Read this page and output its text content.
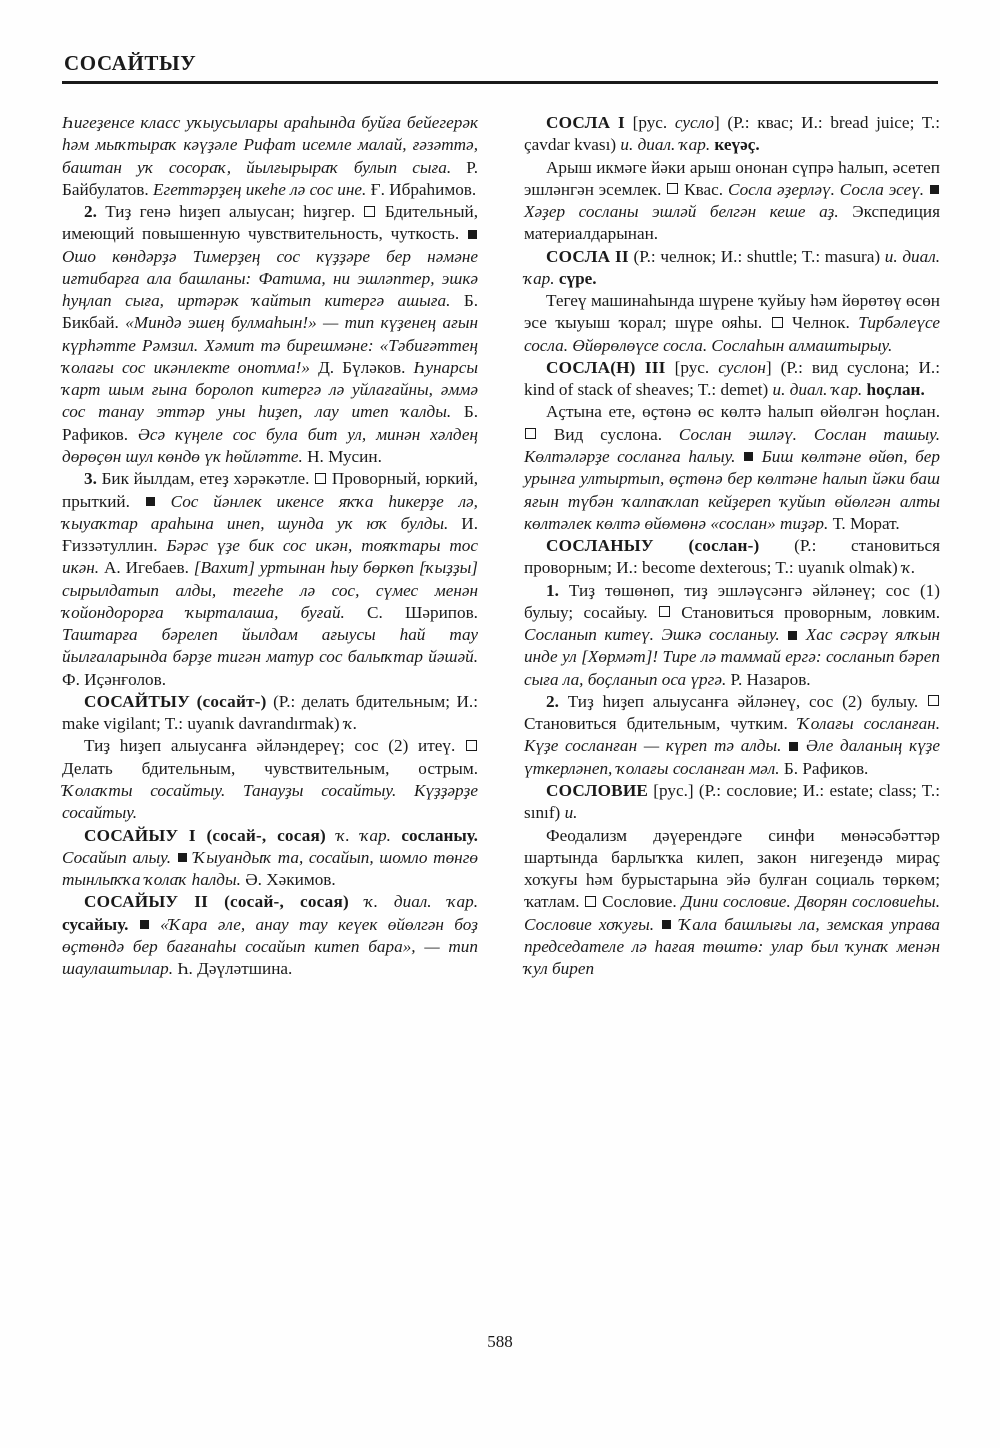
СОСАЙТЫУ
Һигеҙенсе класс уҡыусылары араһында буйға бейегерәк һәм мыҡтыраҡ кәүҙәле Рифат исемле малай, ғәзәттә, баштан уҡ сосораҡ, йылғырыраҡ булып сыға. Р. Байбулатов. Егеттәрҙең икеһе лә сос ине. Ғ. Ибраһимов.
2. Тиҙ генә һиҙеп алыусан; һиҙгер.  Бдительный, имеющий повышенную чувствительность, чуткость.  Ошо көндәрҙә Тимерҙең сос күҙҙәре бер нәмәне иғтибарға ала башланы: Фатима, ни эшләптер, эшкә һуңлап сыға, иртәрәк ҡайтып китергә ашыға. Б. Бикбай. «Миндә эшең булмаһын!» — тип күҙенең ағын күрһәтте Рәмзил. Хәмит тә бирешмәне: «Тәбиғәттең ҡолағы сос икәнлекте онотма!» Д. Бүләков. Һунарсы ҡарт шым ғына боролоп китергә лә уйлағайны, әммә сос танау эттәр уны һиҙеп, лау итеп ҡалды. Б. Рафиков. Әсә күңеле сос була бит ул, минән хәлдең дөрөҫөн шул көндө үк һөйләтте. Н. Мусин.
3. Бик йылдам, етеҙ хәрәкәтле.  Проворный, юркий, прыткий.  Сос йәнлек икенсе яҡҡа һикерҙе лә, ҡыуаҡтар араһына инеп, шунда уҡ юҡ булды. И. Ғиззәтуллин. Бәрәс үҙе бик сос икән, тояҡтары тос икән. А. Игебаев. [Вахит] уртынан һыу бөркөп [ҡыҙҙы] сырылдатып алды, тегеһе лә сос, сүмес менән ҡойондорорға ҡырталаша, буғай. С. Шәрипов. Таштарға бәрелеп йылдам ағыусы һай тау йылғаларында бәрҙе тигән матур сос балыҡтар йәшәй. Ф. Иҫәнғолов.
СОСАЙТЫУ (сосайт-) (Р.: делать бдительным; И.: make vigilant; T.: uyanık davrandırmak) ҡ.
Тиҙ һиҙеп алыусанға әйләндереү; сос (2) итеү.  Делать бдительным, чувствительным, острым. Ҡолаҡты сосайтыу. Танауҙы сосайтыу. Күҙҙәрҙе сосайтыу.
СОСАЙЫУ I (сосай-, сосая) ҡ. ҡар. сосланыу. Сосайып алыу.  Ҡыуандыҡ та, сосайып, шомло төнгө тынлыҡҡа ҡолаҡ һалды. Ә. Хәкимов.
СОСАЙЫУ II (сосай-, сосая) ҡ. диал. ҡар. сусайыу.  «Ҡара әле, анау тау кеүек өйөлгән боҙ өҫтөндә бер бағанаһы сосайып китеп бара», — тип шаулаштылар. Һ. Дәүләтшина.
СОСЛА I [рус. сусло] (Р.: квас; И.: bread juice; T.: çavdar kvası) и. диал. ҡар. кеүәҫ.
Арыш икмәге йәки арыш ононан сүпрә һалып, әсетеп эшләнгән эсемлек.  Квас. Сосла әҙерләү. Сосла эсеү.  Хәҙер сосланы эшләй белгән кеше аҙ. Экспедиция материалдарынан.
СОСЛА II (Р.: челнок; И.: shuttle; T.: masura) и. диал. ҡар. сүре.
Тегеү машинаһында шүрене ҡуйыу һәм йөрөтөү өсөн эсе ҡыуыш ҡорал; шүре ояһы.  Челнок. Тирбәлеүсе сосла. Өйөрөлөүсе сосла. Сослаһын алмаштырыу.
СОСЛА(Н) III [рус. суслон] (Р.: вид суслона; И.: kind of stack of sheaves; T.: demet) и. диал. ҡар. һоҫлан.
Аҫтына ете, өҫтөнә өс көлтә һалып өйөлгән һоҫлан.  Вид суслона. Сослан эшләү. Сослан ташыу. Көлтәләрҙе сосланға һалыу.  Биш көлтәне өйөп, бер урынға ултыртып, өҫтөнә бер көлтәне һалып йәки баш яғын түбән ҡалпаҡлап кейҙереп ҡуйып өйөлгән алты көлтәлек көлтә өйөмөнә «сослан» тиҙәр. Т. Морат.
СОСЛАНЫУ (сослан-) (Р.: становиться проворным; И.: become dexterous; T.: uyanık olmak) ҡ.
1. Тиҙ төшөнөп, тиҙ эшләүсәнгә әйләнеү; сос (1) булыу; сосайыу.  Становиться проворным, ловким. Сосланып китеү. Эшкә сосланыу.  Хас сәсрәү ялҡын инде ул [Хөрмәт]! Тире лә таммай ергә: сосланып бәреп сыға ла, боҫланып оса үргә. Р. Назаров.
2. Тиҙ һиҙеп алыусанға әйләнеү, сос (2) булыу.  Становиться бдительным, чутким. Ҡолағы сосланған. Күҙе сосланған — күреп тә алды.  Әле даланың күҙе үткерләнеп, ҡолағы сосланған мәл. Б. Рафиков.
СОСЛОВИЕ [рус.] (Р.: сословие; И.: estate; class; T.: sınıf) и.
Феодализм дәүерендәге синфи мөнәсәбәттәр шартында барлыҡҡа килеп, закон нигеҙендә мираҫ хоҡуғы һәм бурыстарына эйә булған социаль төркөм; ҡатлам.  Сословие. Дини сословие. Дворян сословиеһы. Сословие хоҡуғы.  Ҡала башлығы ла, земская управа председателе лә һағая төштө: улар был ҡунаҡ менән ҡул биреп
588
